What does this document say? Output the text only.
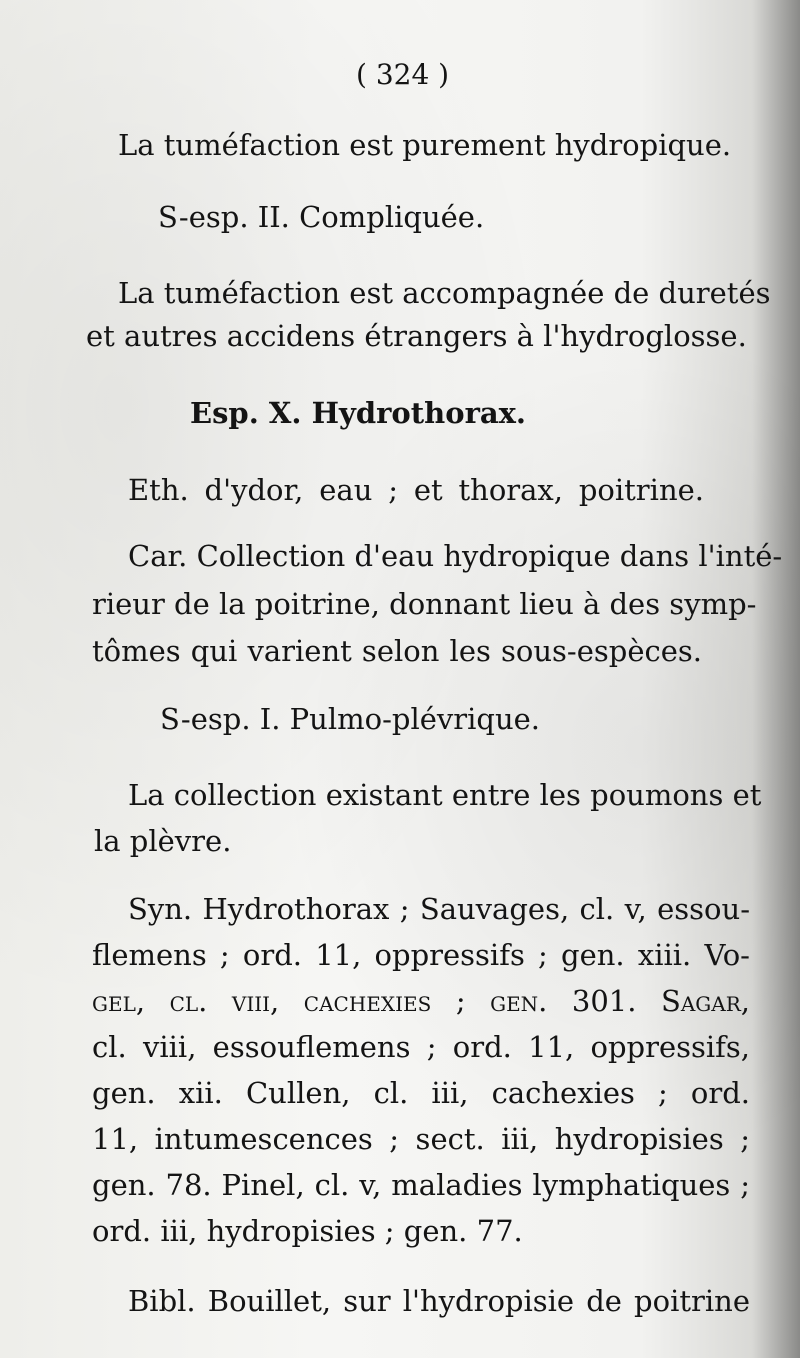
( 324 )
La tuméfaction est purement hydropique.
S-esp. II. Compliquée.
La tuméfaction est accompagnée de duretés
et autres accidens étrangers à l'hydroglosse.
Esp. X. Hydrothorax.
Eth. d'ydor, eau ; et thorax, poitrine.
Car. Collection d'eau hydropique dans l'inté-
rieur de la poitrine, donnant lieu à des symp-
tômes qui varient selon les sous-espèces.
S-esp. I. Pulmo-plévrique.
La collection existant entre les poumons et
la plèvre.
Syn. Hydrothorax ; Sauvages, cl. v, essou-
flemens ; ord. 11, oppressifs ; gen. xiii. Vo-
gel, cl. viii, cachexies ; gen. 301. Sagar,
cl. viii, essouflemens ; ord. 11, oppressifs,
gen. xii. Cullen, cl. iii, cachexies ; ord.
11, intumescences ; sect. iii, hydropisies ;
gen. 78. Pinel, cl. v, maladies lymphatiques ;
ord. iii, hydropisies ; gen. 77.
Bibl. Bouillet, sur l'hydropisie de poitrine
